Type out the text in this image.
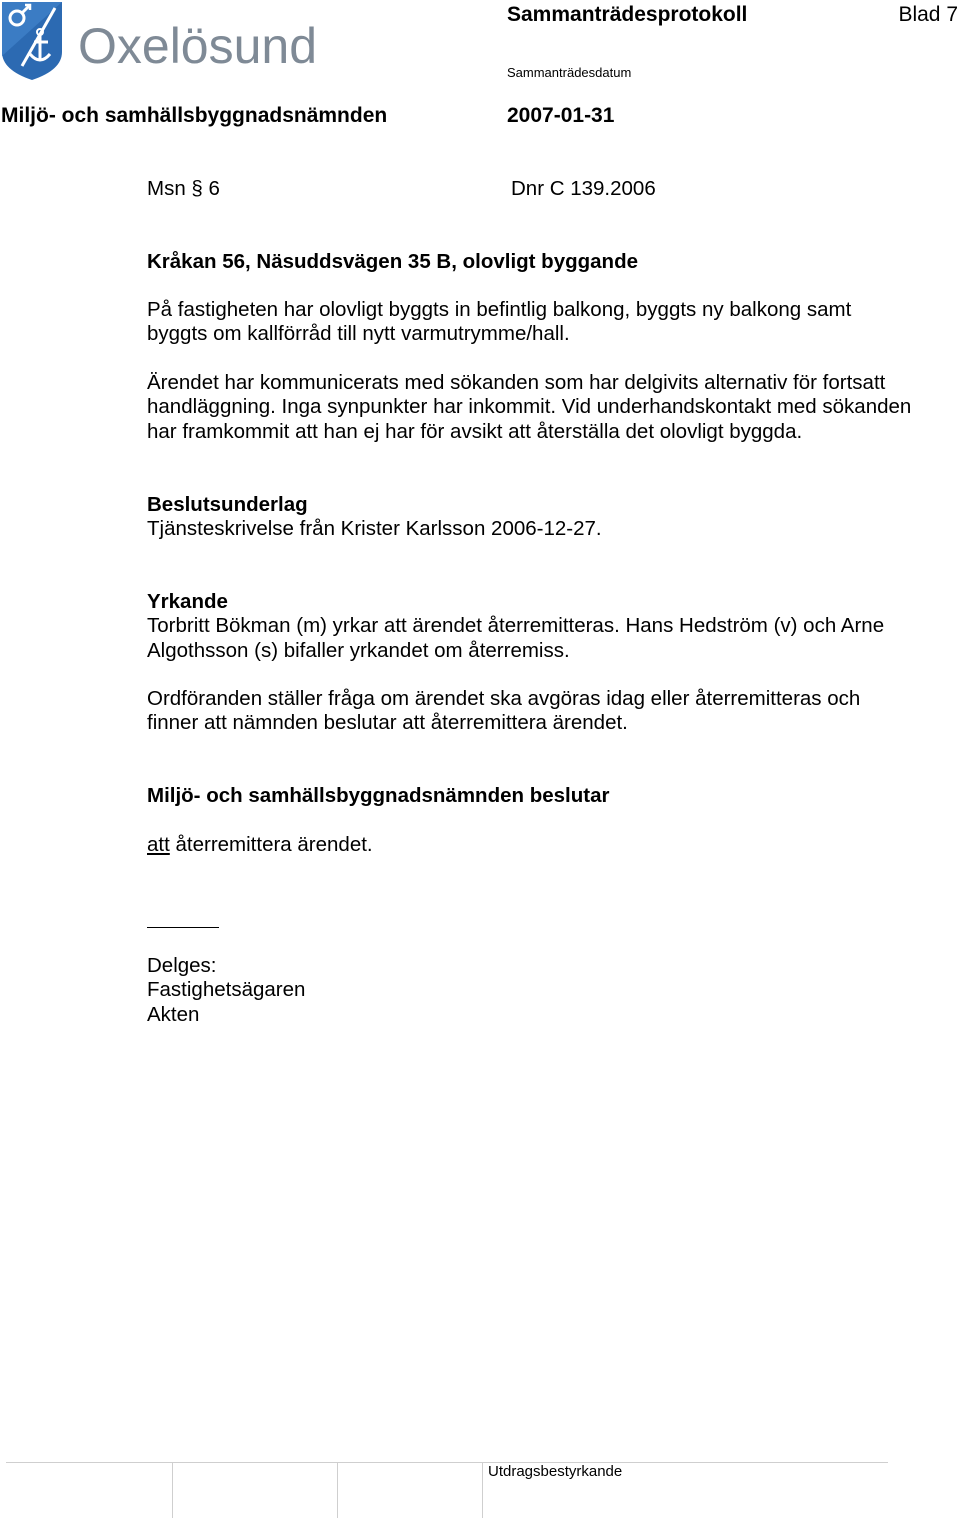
Oxelösund
Sammanträdesprotokoll	Blad 7
Sammanträdesdatum
Miljö- och samhällsbyggnadsnämnden	2007-01-31
Msn § 6	Dnr C 139.2006
Kråkan 56, Näsuddsvägen 35 B, olovligt byggande
På fastigheten har olovligt byggts in befintlig balkong, byggts ny balkong samt
byggts om kallförråd till nytt varmutrymme/hall.
Ärendet har kommunicerats med sökanden som har delgivits alternativ för fortsatt
handläggning. Inga synpunkter har inkommit. Vid underhandskontakt med sökanden
har framkommit att han ej har för avsikt att återställa det olovligt byggda.
Beslutsunderlag
Tjänsteskrivelse från Krister Karlsson 2006-12-27.
Yrkande
Torbritt Bökman (m) yrkar att ärendet återremitteras. Hans Hedström (v) och Arne
Algothsson (s) bifaller yrkandet om återremiss.
Ordföranden ställer fråga om ärendet ska avgöras idag eller återremitteras och
finner att nämnden beslutar att återremittera ärendet.
Miljö- och samhällsbyggnadsnämnden beslutar
att återremittera ärendet.
Delges:
Fastighetsägaren
Akten
Utdragsbestyrkande
